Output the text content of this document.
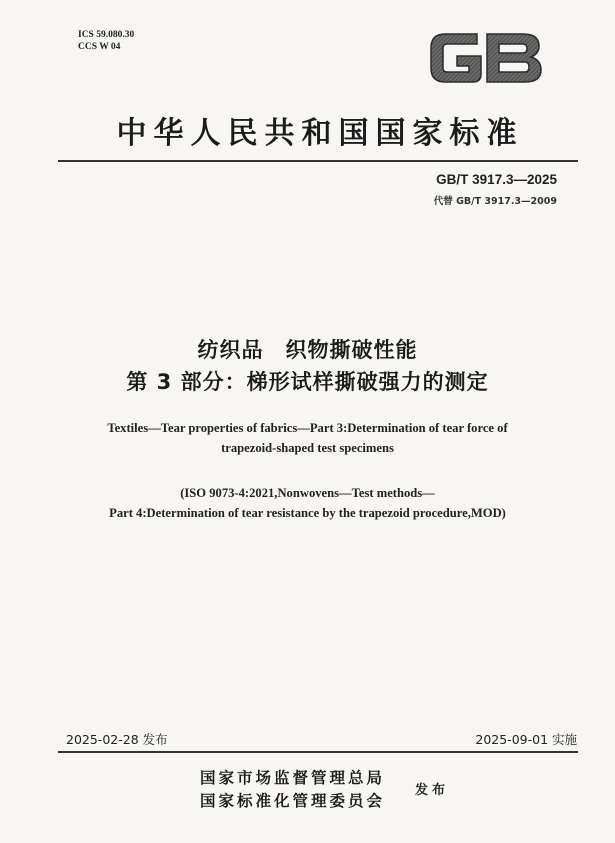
ICS 59.080.30
CCS W 04
中华人民共和国国家标准
GB/T 3917.3—2025
代替 GB/T 3917.3—2009
纺织品　织物撕破性能
第 3 部分：梯形试样撕破强力的测定
Textiles—Tear properties of fabrics—Part 3:Determination of tear force of
trapezoid-shaped test specimens
(ISO 9073-4:2021,Nonwovens—Test methods—
Part 4:Determination of tear resistance by the trapezoid procedure,MOD)
2025-02-28 发布	2025-09-01 实施
国家市场监督管理总局
国家标准化管理委员会
发布
